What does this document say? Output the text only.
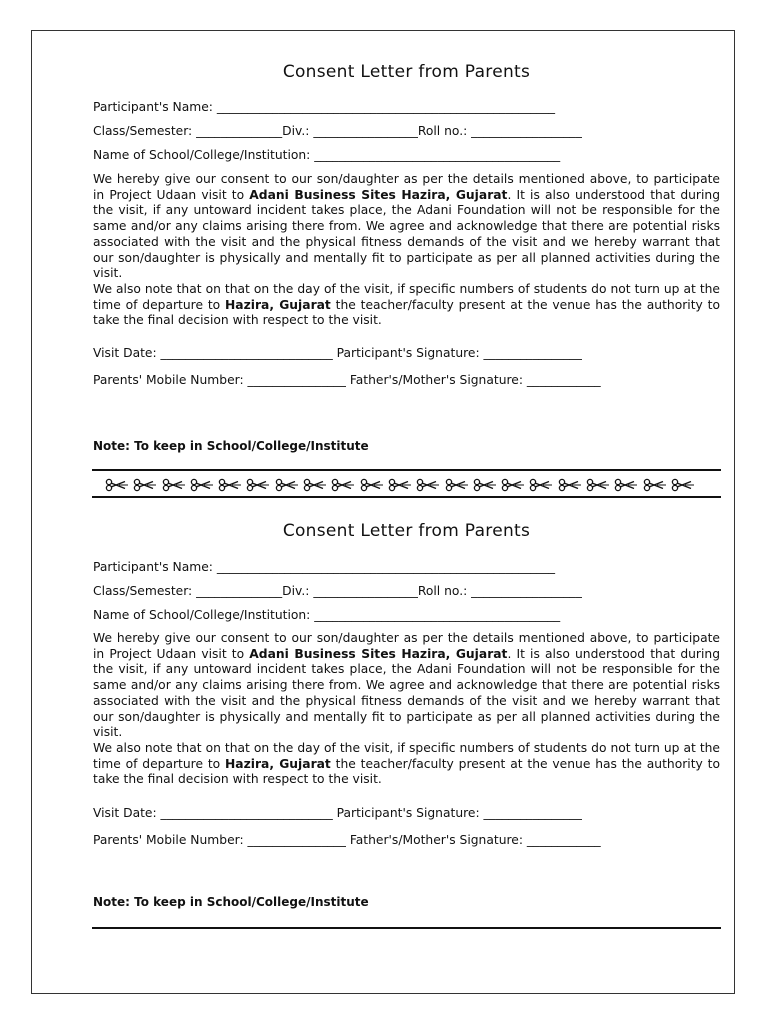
Consent Letter from Parents
Participant's Name: _______________________________________________________
Class/Semester: ______________Div.: _________________Roll no.: __________________
Name of School/College/Institution: ________________________________________
We hereby give our consent to our son/daughter as per the details mentioned above, to participate in Project Udaan visit to Adani Business Sites Hazira, Gujarat. It is also understood that during the visit, if any untoward incident takes place, the Adani Foundation will not be responsible for the same and/or any claims arising there from. We agree and acknowledge that there are potential risks associated with the visit and the physical fitness demands of the visit and we hereby warrant that our son/daughter is physically and mentally fit to participate as per all planned activities during the visit.
We also note that on that on the day of the visit, if specific numbers of students do not turn up at the time of departure to Hazira, Gujarat the teacher/faculty present at the venue has the authority to take the final decision with respect to the visit.
Visit Date: ____________________________ Participant's Signature: ________________
Parents' Mobile Number: ________________ Father's/Mother's Signature: ____________
Note: To keep in School/College/Institute
Consent Letter from Parents
Participant's Name: _______________________________________________________
Class/Semester: ______________Div.: _________________Roll no.: __________________
Name of School/College/Institution: ________________________________________
We hereby give our consent to our son/daughter as per the details mentioned above, to participate in Project Udaan visit to Adani Business Sites Hazira, Gujarat. It is also understood that during the visit, if any untoward incident takes place, the Adani Foundation will not be responsible for the same and/or any claims arising there from. We agree and acknowledge that there are potential risks associated with the visit and the physical fitness demands of the visit and we hereby warrant that our son/daughter is physically and mentally fit to participate as per all planned activities during the visit.
We also note that on that on the day of the visit, if specific numbers of students do not turn up at the time of departure to Hazira, Gujarat the teacher/faculty present at the venue has the authority to take the final decision with respect to the visit.
Visit Date: ____________________________ Participant's Signature: ________________
Parents' Mobile Number: ________________ Father's/Mother's Signature: ____________
Note: To keep in School/College/Institute
